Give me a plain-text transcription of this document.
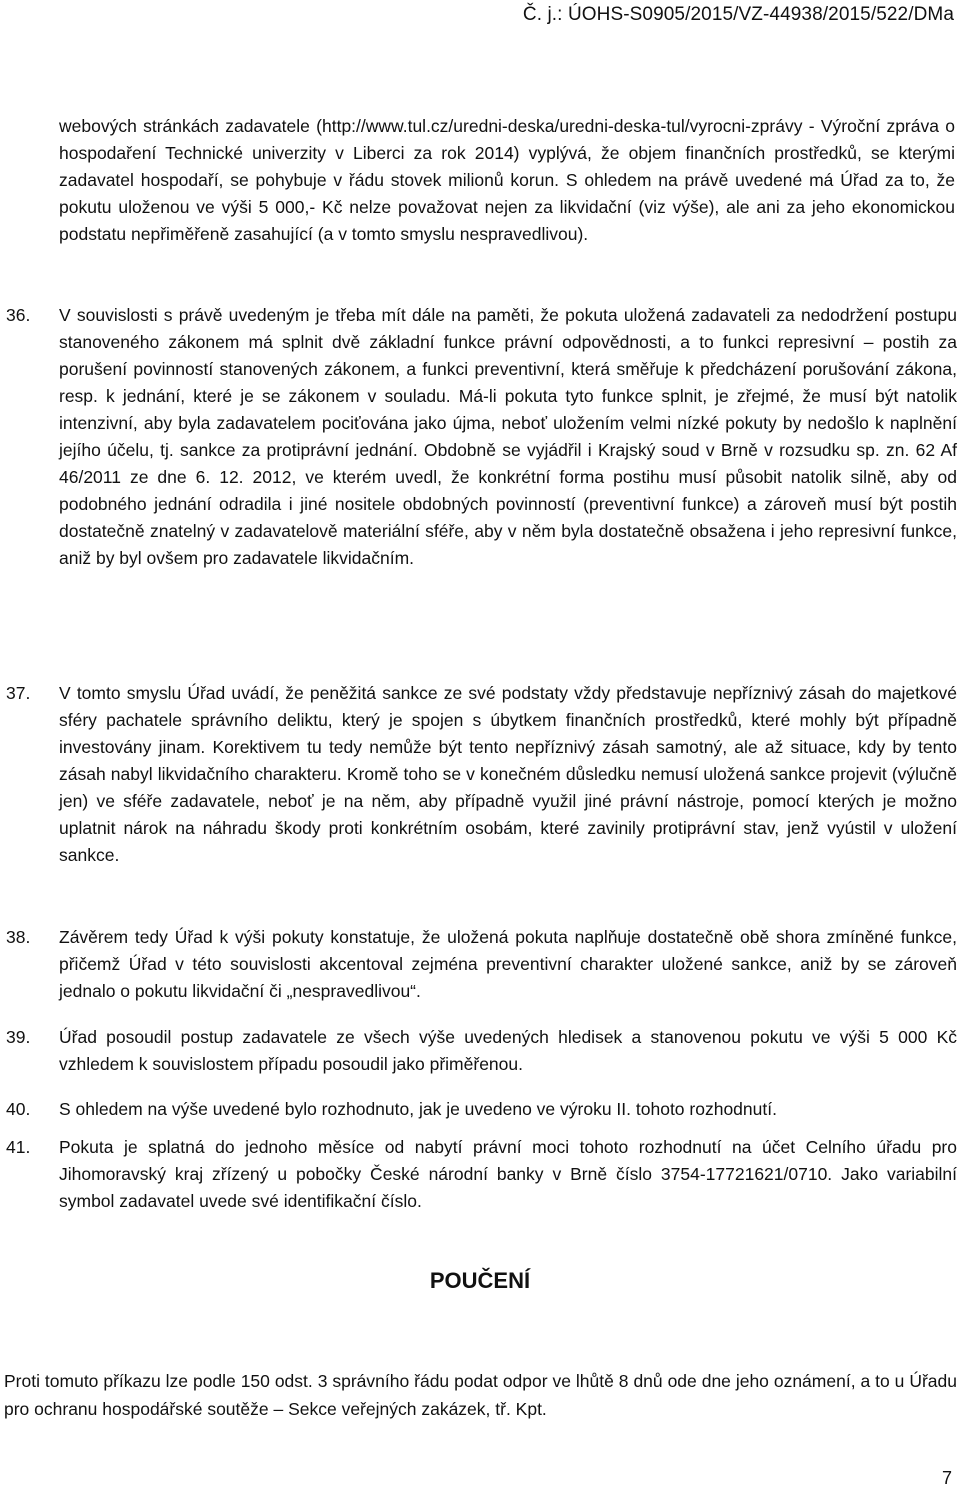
Č. j.: ÚOHS-S0905/2015/VZ-44938/2015/522/DMa
webových stránkách zadavatele (http://www.tul.cz/uredni-deska/uredni-deska-tul/vyrocni-zprávy - Výroční zpráva o hospodaření Technické univerzity v Liberci za rok 2014) vyplývá, že objem finančních prostředků, se kterými zadavatel hospodaří, se pohybuje v řádu stovek milionů korun. S ohledem na právě uvedené má Úřad za to, že pokutu uloženou ve výši 5 000,- Kč nelze považovat nejen za likvidační (viz výše), ale ani za jeho ekonomickou podstatu nepřiměřeně zasahující (a v tomto smyslu nespravedlivou).
36. V souvislosti s právě uvedeným je třeba mít dále na paměti, že pokuta uložená zadavateli za nedodržení postupu stanoveného zákonem má splnit dvě základní funkce právní odpovědnosti, a to funkci represivní – postih za porušení povinností stanovených zákonem, a funkci preventivní, která směřuje k předcházení porušování zákona, resp. k jednání, které je se zákonem v souladu. Má-li pokuta tyto funkce splnit, je zřejmé, že musí být natolik intenzivní, aby byla zadavatelem pociťována jako újma, neboť uložením velmi nízké pokuty by nedošlo k naplnění jejího účelu, tj. sankce za protiprávní jednání. Obdobně se vyjádřil i Krajský soud v Brně v rozsudku sp. zn. 62 Af 46/2011 ze dne 6. 12. 2012, ve kterém uvedl, že konkrétní forma postihu musí působit natolik silně, aby od podobného jednání odradila i jiné nositele obdobných povinností (preventivní funkce) a zároveň musí být postih dostatečně znatelný v zadavatelově materiální sféře, aby v něm byla dostatečně obsažena i jeho represivní funkce, aniž by byl ovšem pro zadavatele likvidačním.
37. V tomto smyslu Úřad uvádí, že peněžitá sankce ze své podstaty vždy představuje nepříznivý zásah do majetkové sféry pachatele správního deliktu, který je spojen s úbytkem finančních prostředků, které mohly být případně investovány jinam. Korektivem tu tedy nemůže být tento nepříznivý zásah samotný, ale až situace, kdy by tento zásah nabyl likvidačního charakteru. Kromě toho se v konečném důsledku nemusí uložená sankce projevit (výlučně jen) ve sféře zadavatele, neboť je na něm, aby případně využil jiné právní nástroje, pomocí kterých je možno uplatnit nárok na náhradu škody proti konkrétním osobám, které zavinily protiprávní stav, jenž vyústil v uložení sankce.
38. Závěrem tedy Úřad k výši pokuty konstatuje, že uložená pokuta naplňuje dostatečně obě shora zmíněné funkce, přičemž Úřad v této souvislosti akcentoval zejména preventivní charakter uložené sankce, aniž by se zároveň jednalo o pokutu likvidační či „nespravedlivou“.
39. Úřad posoudil postup zadavatele ze všech výše uvedených hledisek a stanovenou pokutu ve výši 5 000 Kč vzhledem k souvislostem případu posoudil jako přiměřenou.
40. S ohledem na výše uvedené bylo rozhodnuto, jak je uvedeno ve výroku II. tohoto rozhodnutí.
41. Pokuta je splatná do jednoho měsíce od nabytí právní moci tohoto rozhodnutí na účet Celního úřadu pro Jihomoravský kraj zřízený u pobočky České národní banky v Brně číslo 3754-17721621/0710. Jako variabilní symbol zadavatel uvede své identifikační číslo.
POUČENÍ
Proti tomuto příkazu lze podle 150 odst. 3 správního řádu podat odpor ve lhůtě 8 dnů ode dne jeho oznámení, a to u Úřadu pro ochranu hospodářské soutěže – Sekce veřejných zakázek, tř. Kpt.
7
